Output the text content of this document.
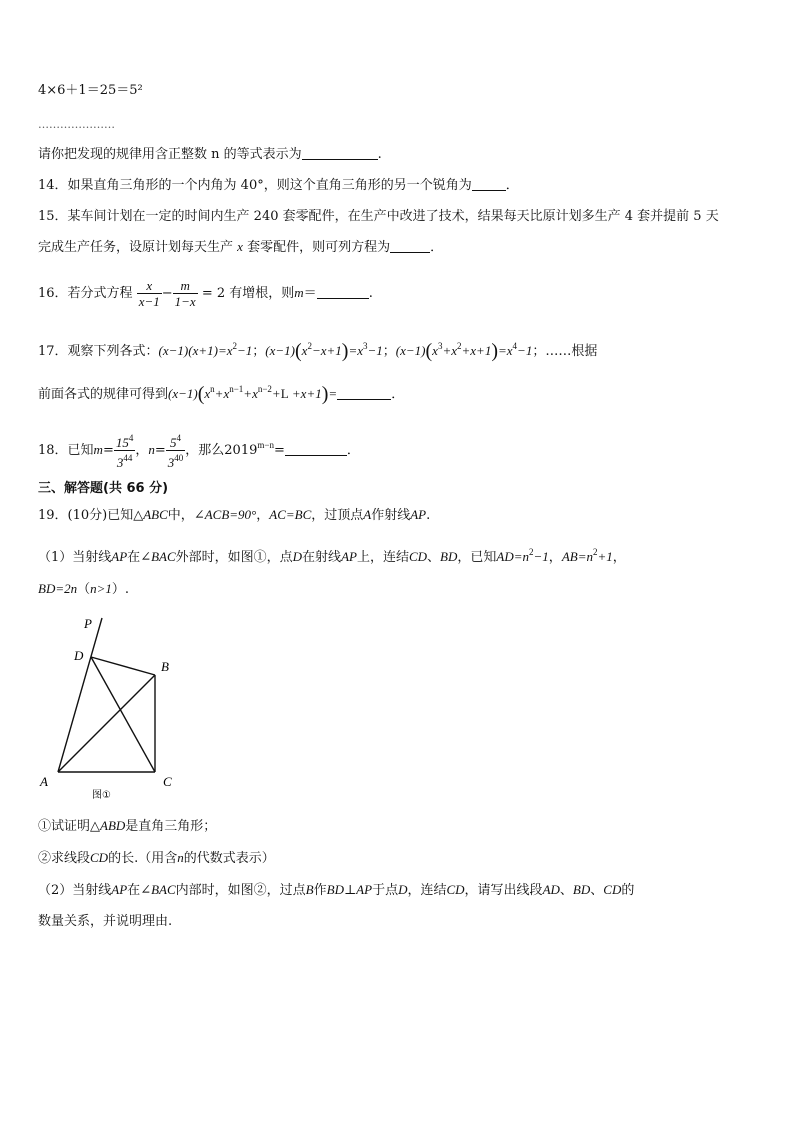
4×6＋1＝25＝5²
…………………
请你把发现的规律用含正整数 n 的等式表示为	.
14．如果直角三角形的一个内角为 40°，则这个直角三角形的另一个锐角为	．
15．某车间计划在一定的时间内生产 240 套零配件，在生产中改进了技术，结果每天比原计划多生产 4 套并提前 5 天
完成生产任务，设原计划每天生产 x 套零配件，则可列方程为	．
16．若分式方程 $\frac{x}{x-1} - \frac{m}{1-x} = 2$ 有增根，则m＝	.
17．观察下列各式：$(x-1)(x+1)=x^2-1$；$(x-1)(x^2-x+1)=x^3-1$；$(x-1)(x^3+x^2+x+1)=x^4-1$；……根据
前面各式的规律可得到$(x-1)(x^n+x^{n-1}+x^{n-2}+L +x+1)=$	．
18．已知$m= \frac{15^4}{3^{44}}$ ，$n= \frac{5^4}{3^{40}}$ ，那么$2019^{m-n}=$	．
三、解答题(共 66 分)
19．(10分)已知△ABC中，∠ACB=90°，AC=BC，过顶点A作射线AP.
（1）当射线AP在∠BAC外部时，如图①，点D在射线AP上，连结CD、BD，已知$AD=n^2-1$，$AB=n^2+1$，
BD=2n（n>1）.
P
D
B
A	C
图①
①试证明△ABD是直角三角形；
②求线段CD的长.（用含n的代数式表示）
（2）当射线AP在∠BAC内部时，如图②，过点B作BD⊥AP于点D，连结CD，请写出线段AD、BD、CD的
数量关系，并说明理由.
